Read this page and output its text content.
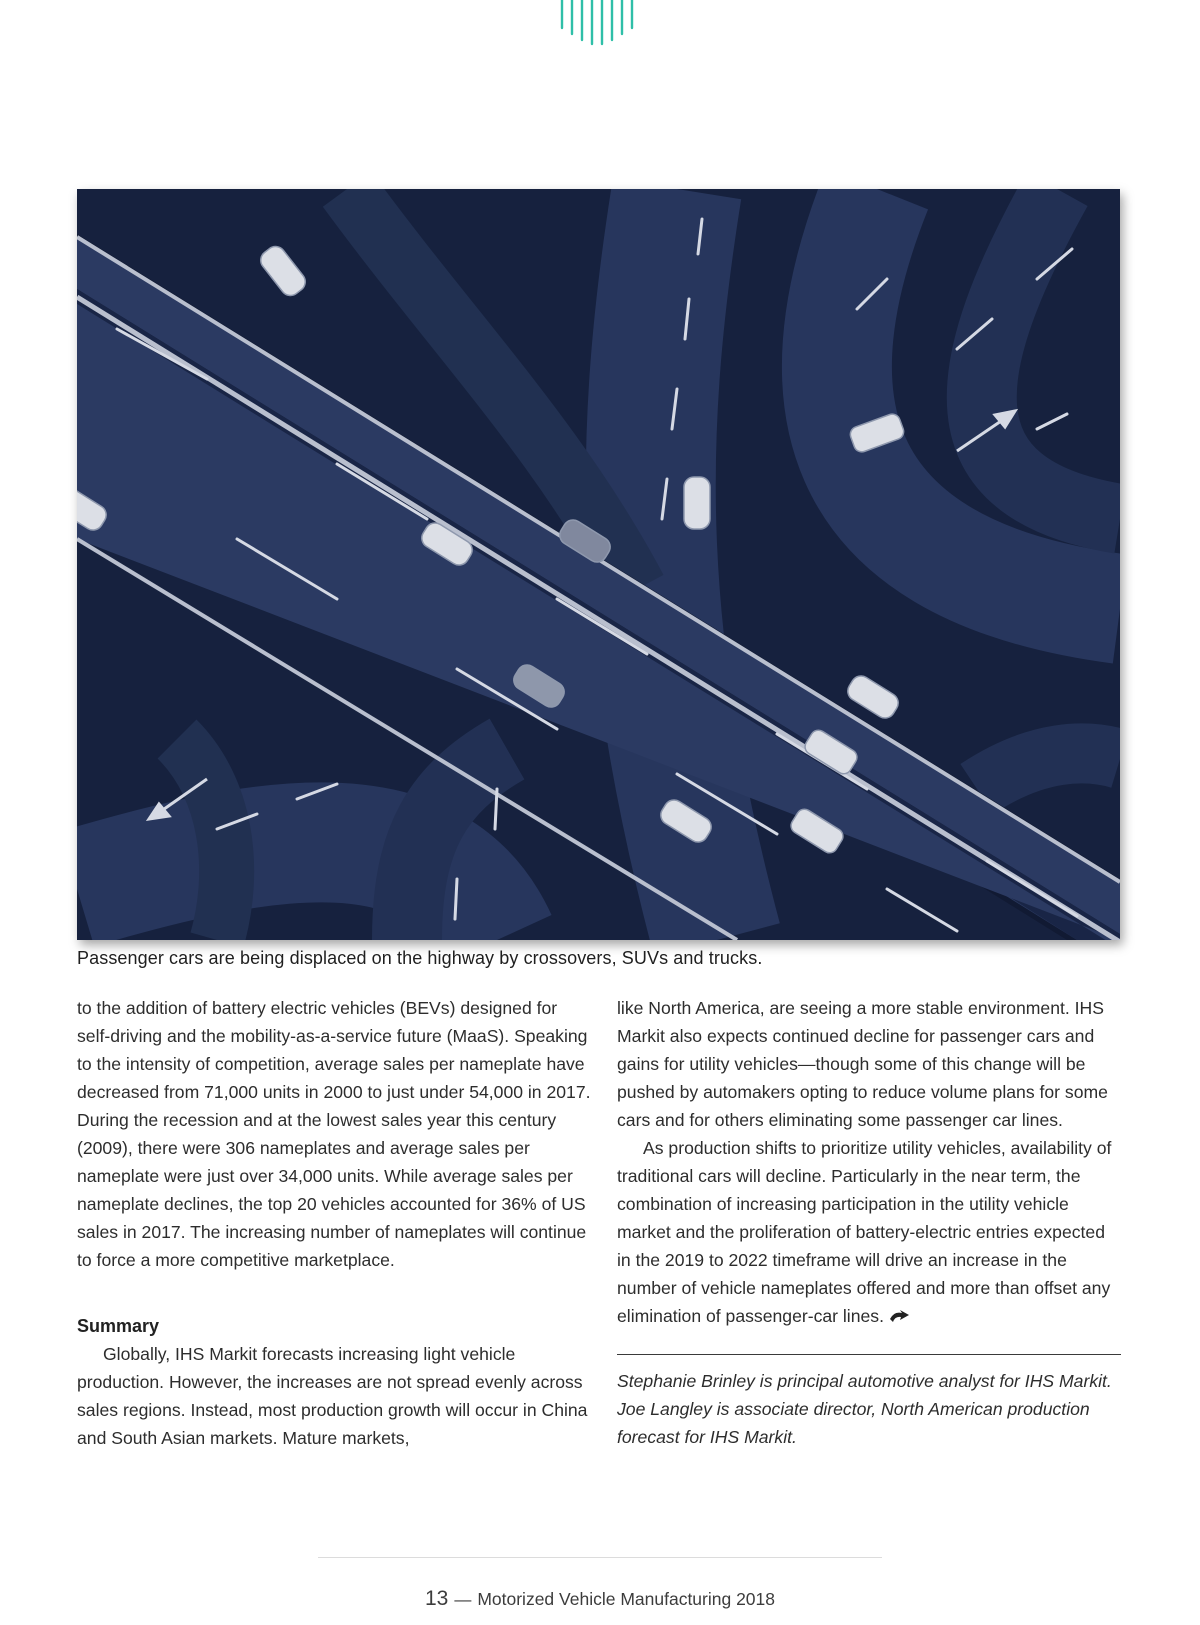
Passenger cars are being displaced on the highway by crossovers, SUVs and trucks.

to the addition of battery electric vehicles (BEVs) designed for self-driving and the mobility-as-a-service future (MaaS). Speaking to the intensity of competition, average sales per nameplate have decreased from 71,000 units in 2000 to just under 54,000 in 2017. During the recession and at the lowest sales year this century (2009), there were 306 nameplates and average sales per nameplate were just over 34,000 units. While average sales per nameplate declines, the top 20 vehicles accounted for 36% of US sales in 2017. The increasing number of nameplates will continue to force a more competitive marketplace.

Summary

Globally, IHS Markit forecasts increasing light vehicle production. However, the increases are not spread evenly across sales regions. Instead, most production growth will occur in China and South Asian markets. Mature markets,

like North America, are seeing a more stable environment. IHS Markit also expects continued decline for passenger cars and gains for utility vehicles—though some of this change will be pushed by automakers opting to reduce volume plans for some cars and for others eliminating some passenger car lines.

As production shifts to prioritize utility vehicles, availability of traditional cars will decline. Particularly in the near term, the combination of increasing participation in the utility vehicle market and the proliferation of battery-electric entries expected in the 2019 to 2022 timeframe will drive an increase in the number of vehicle nameplates offered and more than offset any elimination of passenger-car lines.

Stephanie Brinley is principal automotive analyst for IHS Markit. Joe Langley is associate director, North American production forecast for IHS Markit.

13 — Motorized Vehicle Manufacturing 2018
